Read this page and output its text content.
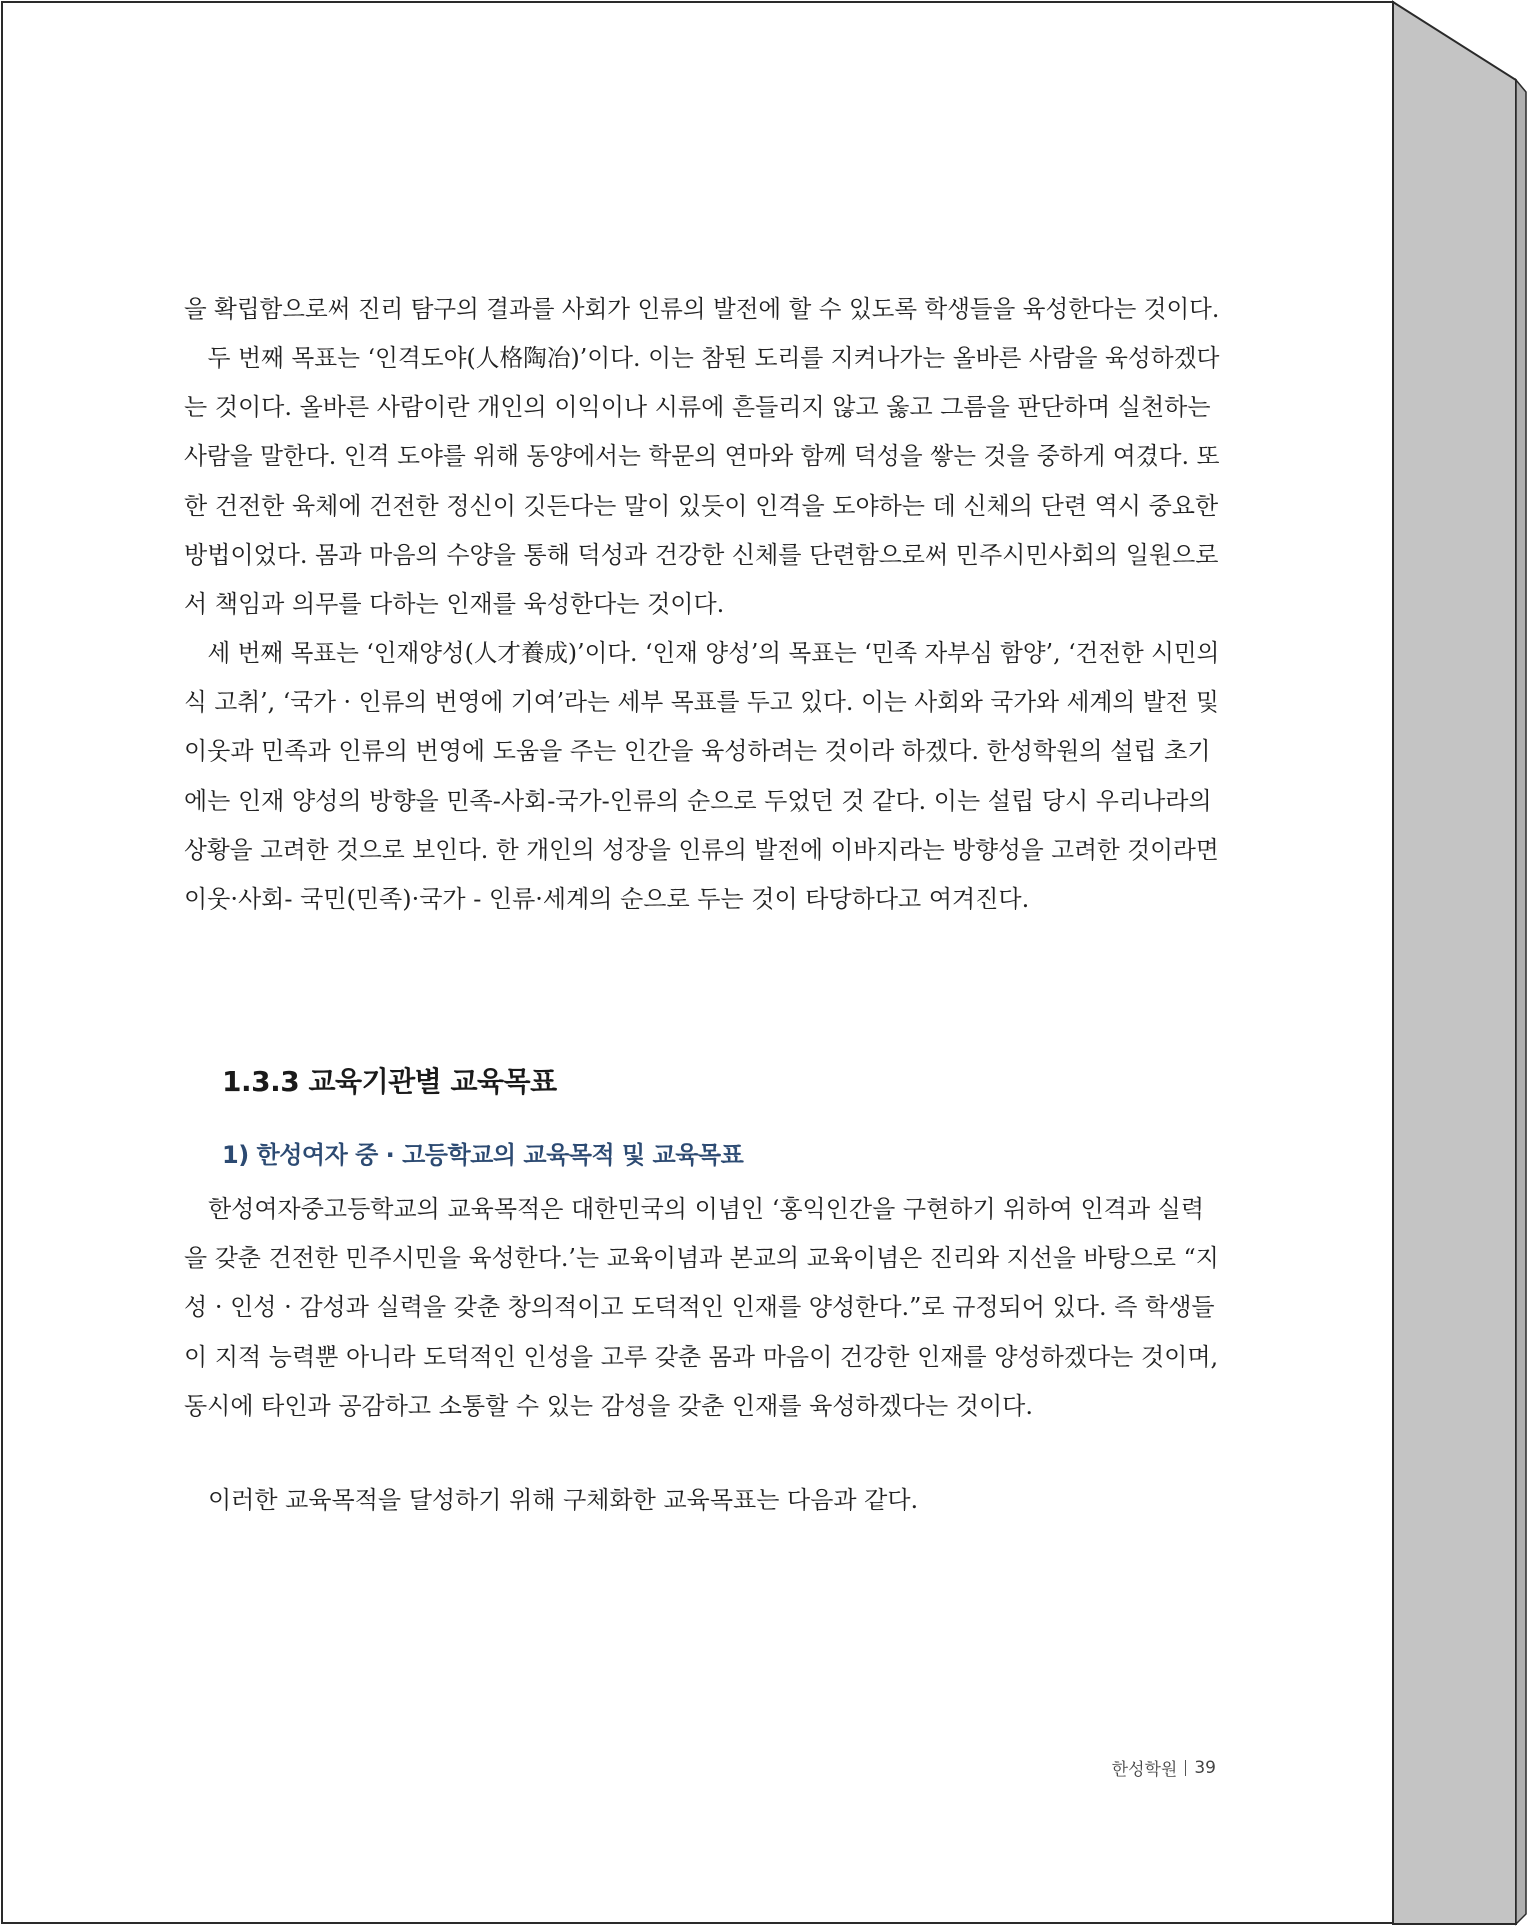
을 확립함으로써 진리 탐구의 결과를 사회가 인류의 발전에 할 수 있도록 학생들을 육성한다는 것이다.

　두 번째 목표는 ‘인격도야(人格陶冶)’이다. 이는 참된 도리를 지켜나가는 올바른 사람을 육성하겠다
는 것이다. 올바른 사람이란 개인의 이익이나 시류에 흔들리지 않고 옳고 그름을 판단하며 실천하는
사람을 말한다. 인격 도야를 위해 동양에서는 학문의 연마와 함께 덕성을 쌓는 것을 중하게 여겼다. 또
한 건전한 육체에 건전한 정신이 깃든다는 말이 있듯이 인격을 도야하는 데 신체의 단련 역시 중요한
방법이었다. 몸과 마음의 수양을 통해 덕성과 건강한 신체를 단련함으로써 민주시민사회의 일원으로
서 책임과 의무를 다하는 인재를 육성한다는 것이다.

　세 번째 목표는 ‘인재양성(人才養成)’이다. ‘인재 양성’의 목표는 ‘민족 자부심 함양’, ‘건전한 시민의
식 고취’, ‘국가 · 인류의 번영에 기여’라는 세부 목표를 두고 있다. 이는 사회와 국가와 세계의 발전 및
이웃과 민족과 인류의 번영에 도움을 주는 인간을 육성하려는 것이라 하겠다. 한성학원의 설립 초기
에는 인재 양성의 방향을 민족-사회-국가-인류의 순으로 두었던 것 같다. 이는 설립 당시 우리나라의
상황을 고려한 것으로 보인다. 한 개인의 성장을 인류의 발전에 이바지라는 방향성을 고려한 것이라면
이웃·사회- 국민(민족)·국가 - 인류·세계의 순으로 두는 것이 타당하다고 여겨진다.

1.3.3 교육기관별 교육목표
1) 한성여자 중 · 고등학교의 교육목적 및 교육목표

　한성여자중고등학교의 교육목적은 대한민국의 이념인 ‘홍익인간을 구현하기 위하여 인격과 실력
을 갖춘 건전한 민주시민을 육성한다.’는 교육이념과 본교의 교육이념은 진리와 지선을 바탕으로 “지
성 · 인성 · 감성과 실력을 갖춘 창의적이고 도덕적인 인재를 양성한다.”로 규정되어 있다. 즉 학생들
이 지적 능력뿐 아니라 도덕적인 인성을 고루 갖춘 몸과 마음이 건강한 인재를 양성하겠다는 것이며,
동시에 타인과 공감하고 소통할 수 있는 감성을 갖춘 인재를 육성하겠다는 것이다.

　이러한 교육목적을 달성하기 위해 구체화한 교육목표는 다음과 같다.

한성학원 39
